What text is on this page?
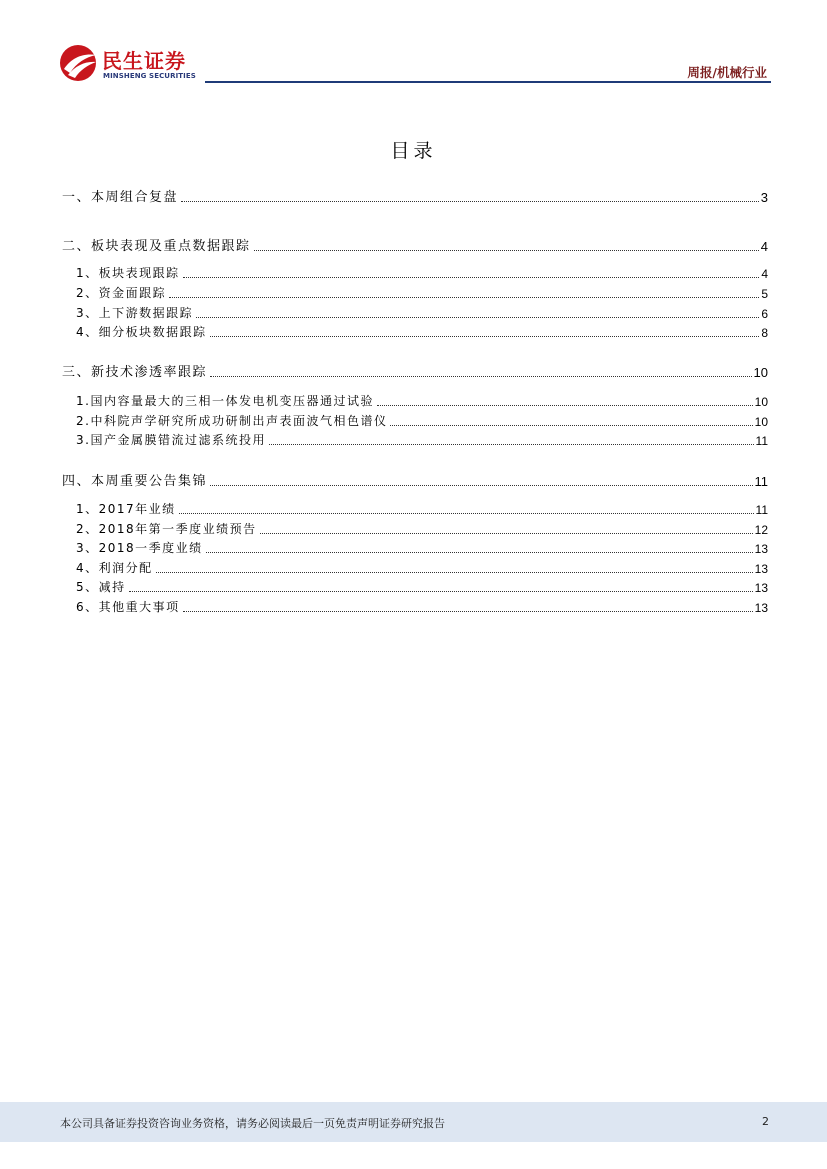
民生证券
MINSHENG SECURITIES	周报/机械行业
目录
一、本周组合复盘	3
二、板块表现及重点数据跟踪	4
1、板块表现跟踪	4
2、资金面跟踪	5
3、上下游数据跟踪	6
4、细分板块数据跟踪	8
三、新技术渗透率跟踪	10
1.国内容量最大的三相一体发电机变压器通过试验	10
2.中科院声学研究所成功研制出声表面波气相色谱仪	10
3.国产金属膜错流过滤系统投用	11
四、本周重要公告集锦	11
1、2017年业绩	11
2、2018年第一季度业绩预告	12
3、2018一季度业绩	13
4、利润分配	13
5、减持	13
6、其他重大事项	13
本公司具备证券投资咨询业务资格，请务必阅读最后一页免责声明证券研究报告	2
